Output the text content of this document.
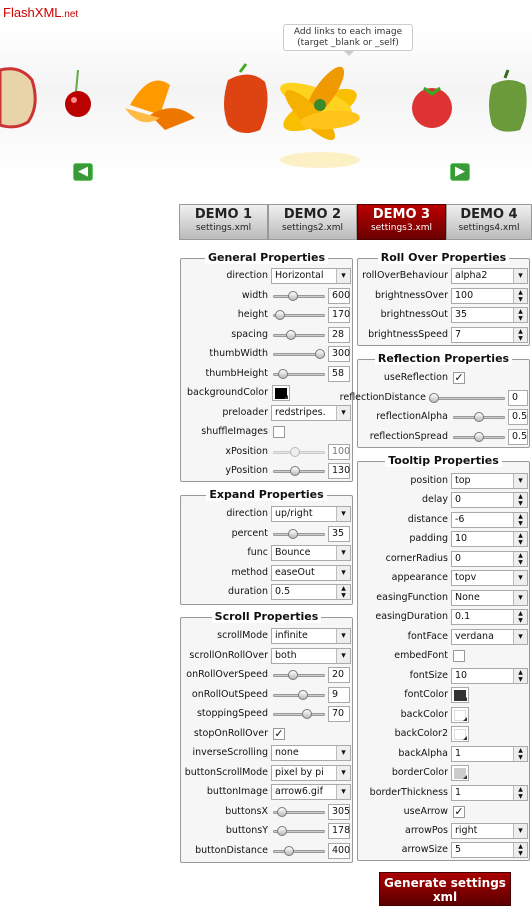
FlashXML.net
Add links to each image
(target _blank or _self)
◀	▶
DEMO 1
settings.xml
DEMO 2
settings2.xml
DEMO 3
settings3.xml
DEMO 4
settings4.xml
General Properties
direction Horizontal ▾
width	600
height	170
spacing	28
thumbWidth	300
thumbHeight	58
backgroundColor
preloader redstripes. ▾
shuffleImages
xPosition	100
yPosition	130
Expand Properties
direction up/right ▾
percent	35
func Bounce ▾
method easeOut ▾
duration 0.5	▲
▼
Scroll Properties
scrollMode infinite ▾
scrollOnRollOver both ▾
onRollOverSpeed	20
onRollOutSpeed	9
stoppingSpeed	70
stopOnRollOver ✓
inverseScrolling none ▾
buttonScrollMode pixel by pi ▾
buttonImage arrow6.gif ▾
buttonsX	305
buttonsY	178
buttonDistance	400
Roll Over Properties
rollOverBehaviour alpha2 ▾
brightnessOver 100	▲
▼
brightnessOut 35	▲
▼
brightnessSpeed 7	▲
▼
Reflection Properties
useReflection ✓
reflectionDistance	0
reflectionAlpha	0.5
reflectionSpread	0.5
Tooltip Properties
position top ▾
delay 0	▲
▼
distance -6	▲
▼
padding 10	▲
▼
cornerRadius 0	▲
▼
appearance topv ▾
easingFunction None ▾
easingDuration 0.1	▲
▼
fontFace verdana ▾
embedFont
fontSize 10	▲
▼
fontColor
backColor
backColor2
backAlpha 1	▲
▼
borderColor
borderThickness 1	▲
▼
useArrow ✓
arrowPos right ▾
arrowSize 5	▲
▼
Generate settings
xml
